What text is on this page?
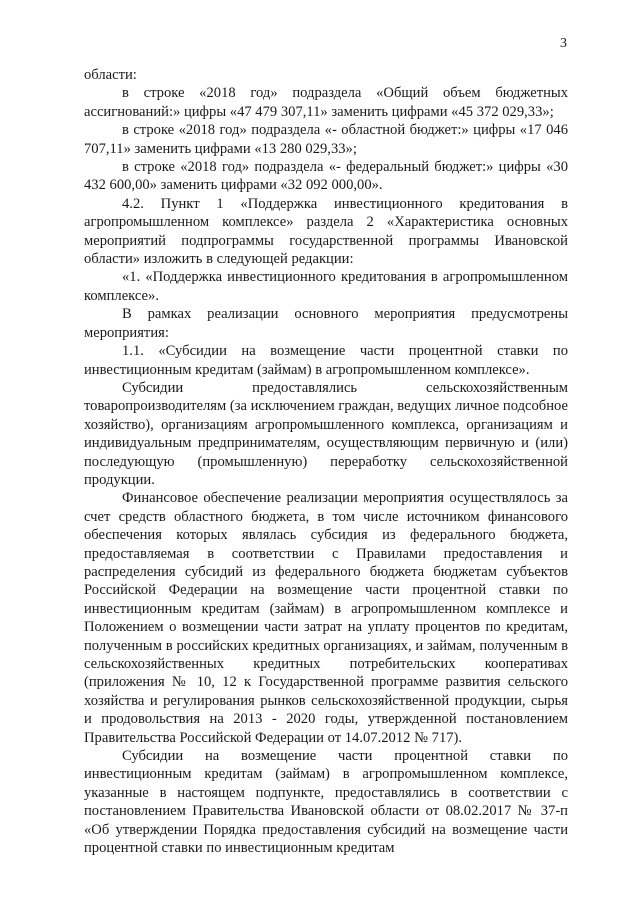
3

области:

в строке «2018 год» подраздела «Общий объем бюджетных ассигнований:» цифры «47 479 307,11» заменить цифрами «45 372 029,33»;

в строке «2018 год» подраздела «- областной бюджет:» цифры «17 046 707,11» заменить цифрами «13 280 029,33»;

в строке «2018 год» подраздела «- федеральный бюджет:» цифры «30 432 600,00» заменить цифрами «32 092 000,00».

4.2. Пункт 1 «Поддержка инвестиционного кредитования в агропромышленном комплексе» раздела 2 «Характеристика основных мероприятий подпрограммы государственной программы Ивановской области» изложить в следующей редакции:

«1. «Поддержка инвестиционного кредитования в агропромышленном комплексе».

В рамках реализации основного мероприятия предусмотрены мероприятия:

1.1. «Субсидии на возмещение части процентной ставки по инвестиционным кредитам (займам) в агропромышленном комплексе».

Субсидии предоставлялись сельскохозяйственным товаропроизводителям (за исключением граждан, ведущих личное подсобное хозяйство), организациям агропромышленного комплекса, организациям и индивидуальным предпринимателям, осуществляющим первичную и (или) последующую (промышленную) переработку сельскохозяйственной продукции.

Финансовое обеспечение реализации мероприятия осуществлялось за счет средств областного бюджета, в том числе источником финансового обеспечения которых являлась субсидия из федерального бюджета, предоставляемая в соответствии с Правилами предоставления и распределения субсидий из федерального бюджета бюджетам субъектов Российской Федерации на возмещение части процентной ставки по инвестиционным кредитам (займам) в агропромышленном комплексе и Положением о возмещении части затрат на уплату процентов по кредитам, полученным в российских кредитных организациях, и займам, полученным в сельскохозяйственных кредитных потребительских кооперативах (приложения № 10, 12 к Государственной программе развития сельского хозяйства и регулирования рынков сельскохозяйственной продукции, сырья и продовольствия на 2013 - 2020 годы, утвержденной постановлением Правительства Российской Федерации от 14.07.2012 № 717).

Субсидии на возмещение части процентной ставки по инвестиционным кредитам (займам) в агропромышленном комплексе, указанные в настоящем подпункте, предоставлялись в соответствии с постановлением Правительства Ивановской области от 08.02.2017 № 37-п «Об утверждении Порядка предоставления субсидий на возмещение части процентной ставки по инвестиционным кредитам
